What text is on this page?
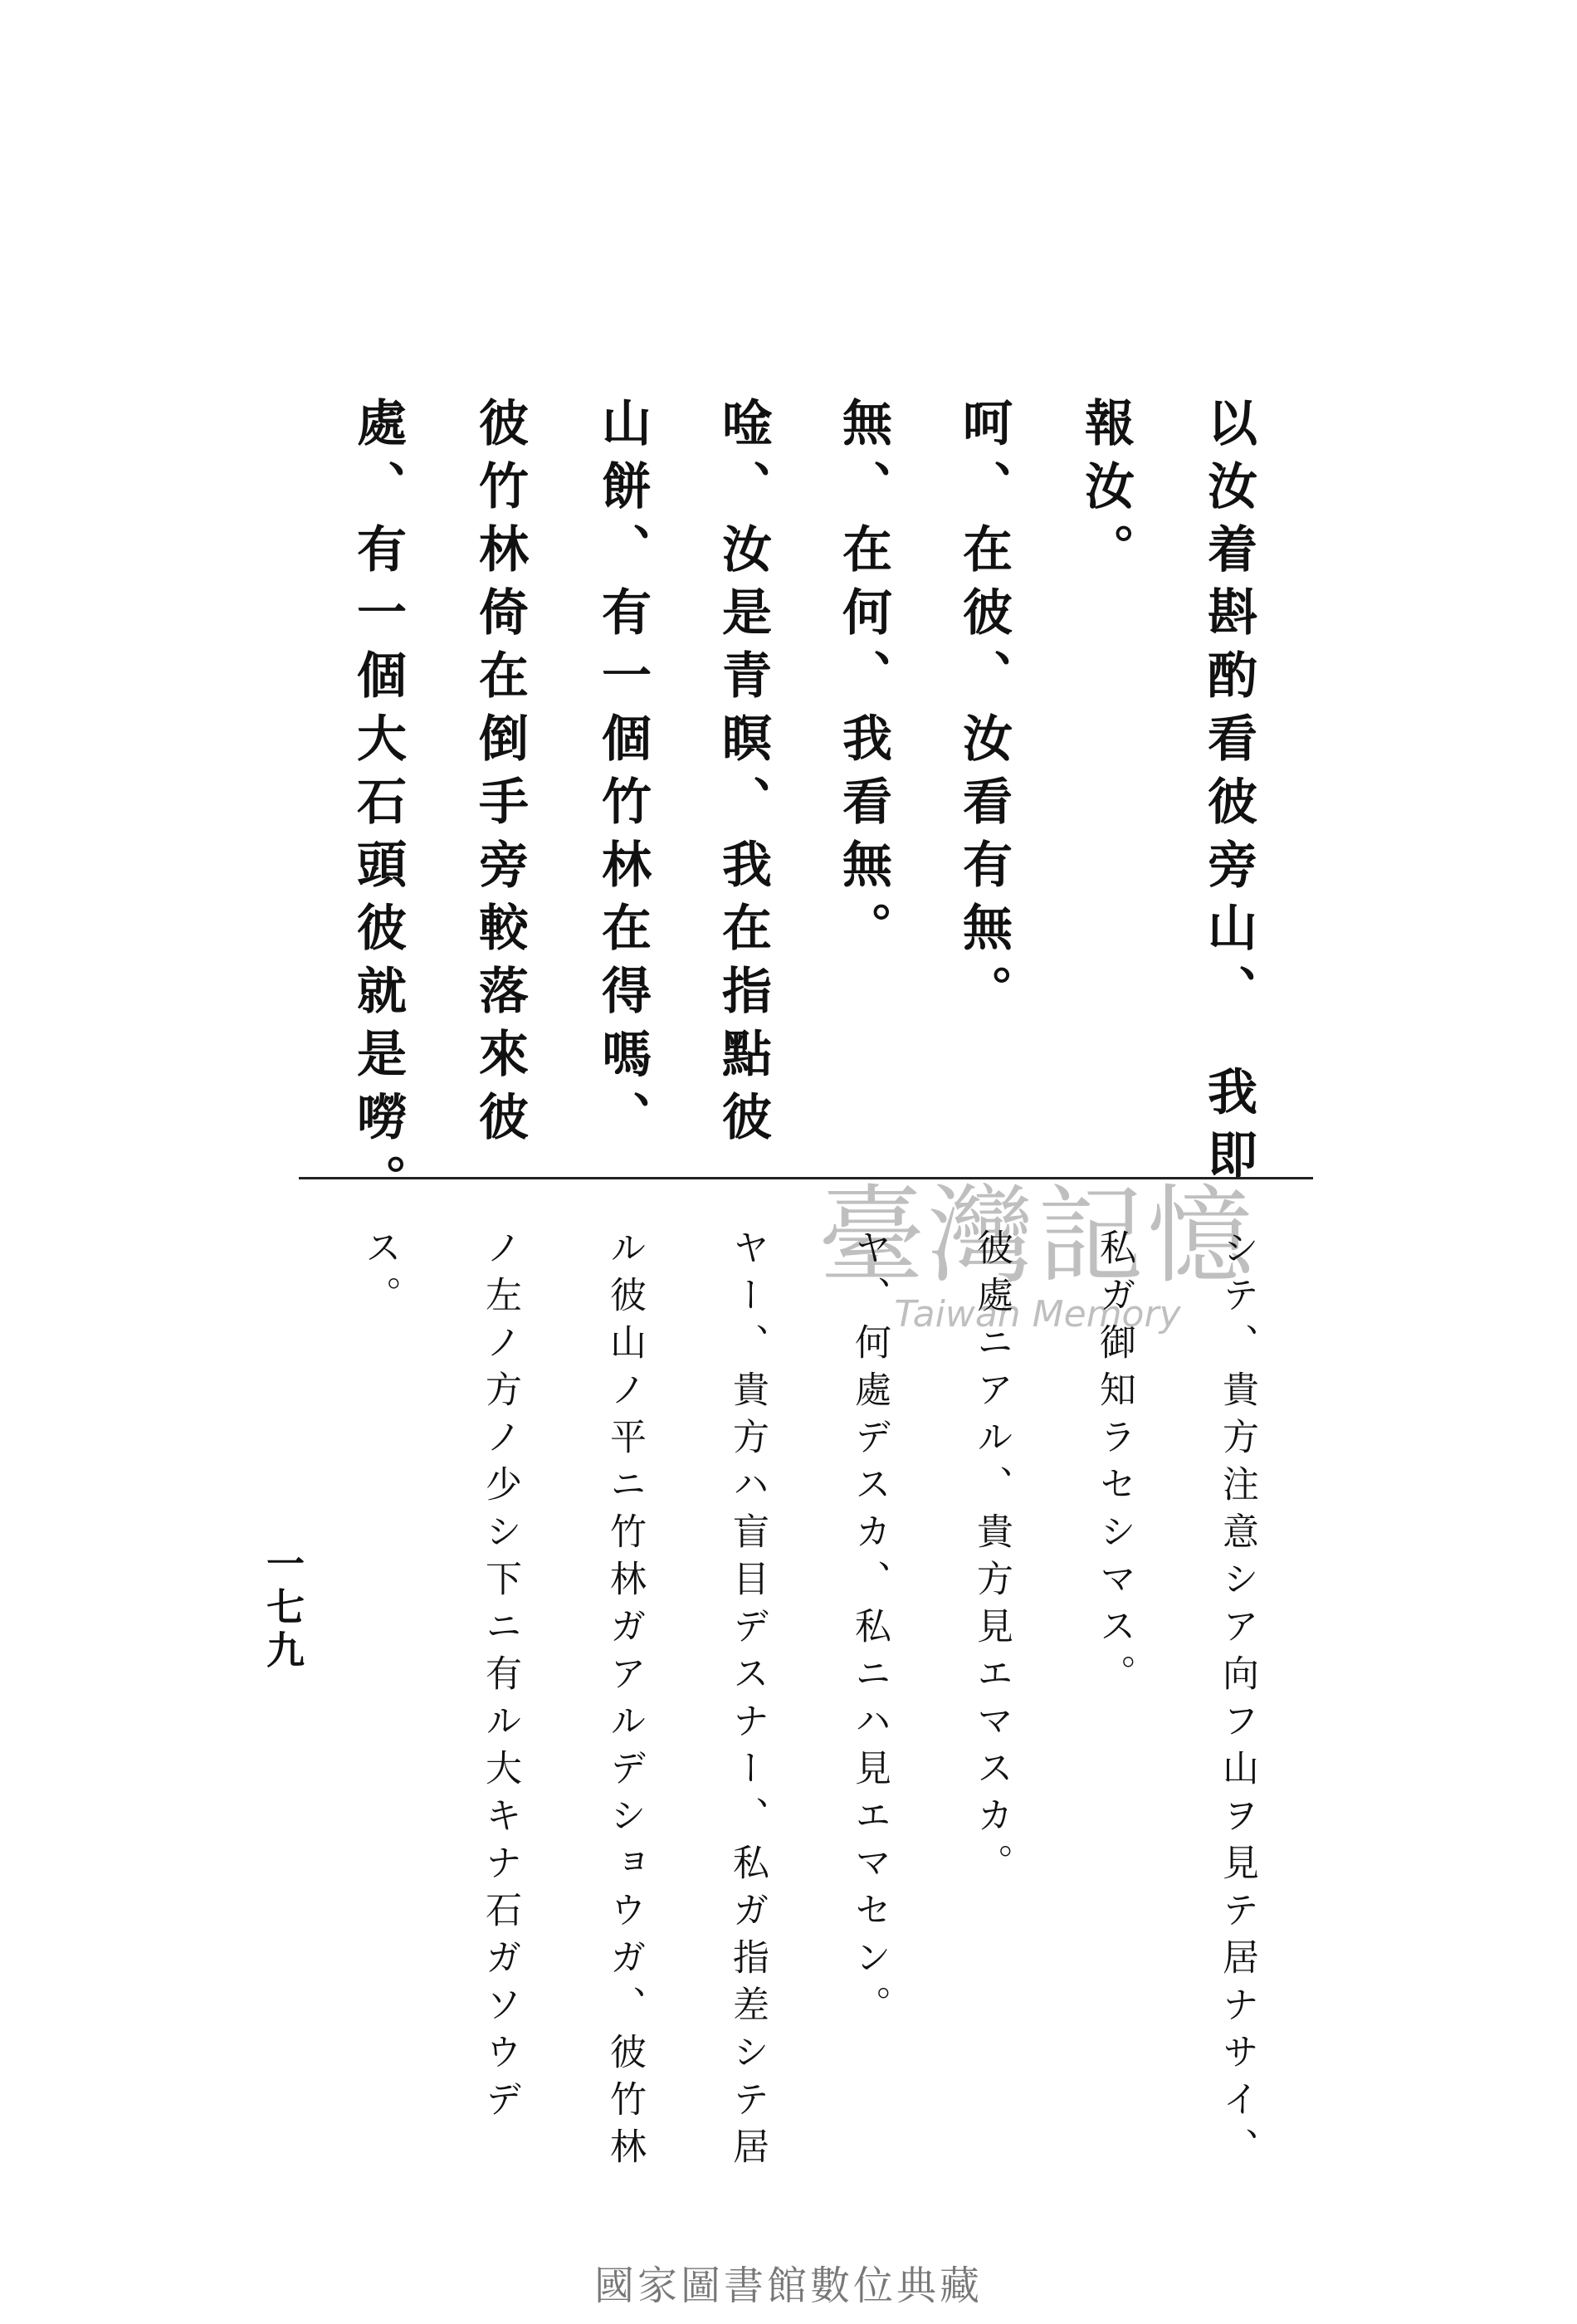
以汝着斟酌看彼旁山、　我即
報汝。
呵、在彼、汝看有無。
無、在何、我看無。
唫、汝是青瞑、我在指點彼
山餅、有一個竹林在得嗎、
彼竹林倚在倒手旁較落來彼
處、有一個大石頭彼就是嘮。
臺灣記憶
Taiwan Memory シテ、貴方注意シア向フ山ヲ見テ居ナサイ、
私ガ御知ラセシマス。
彼處ニアル、貴方見エマスカ。
ヤ、何處デスカ、私ニハ見エマセン。
ヤー、貴方ハ盲目デスナー、私ガ指差シテ居
ル彼山ノ平ニ竹林ガアルデショウガ、彼竹林
ノ左ノ方ノ少シ下ニ有ル大キナ石ガソウデ
ス。
一七九
國家圖書館數位典藏
